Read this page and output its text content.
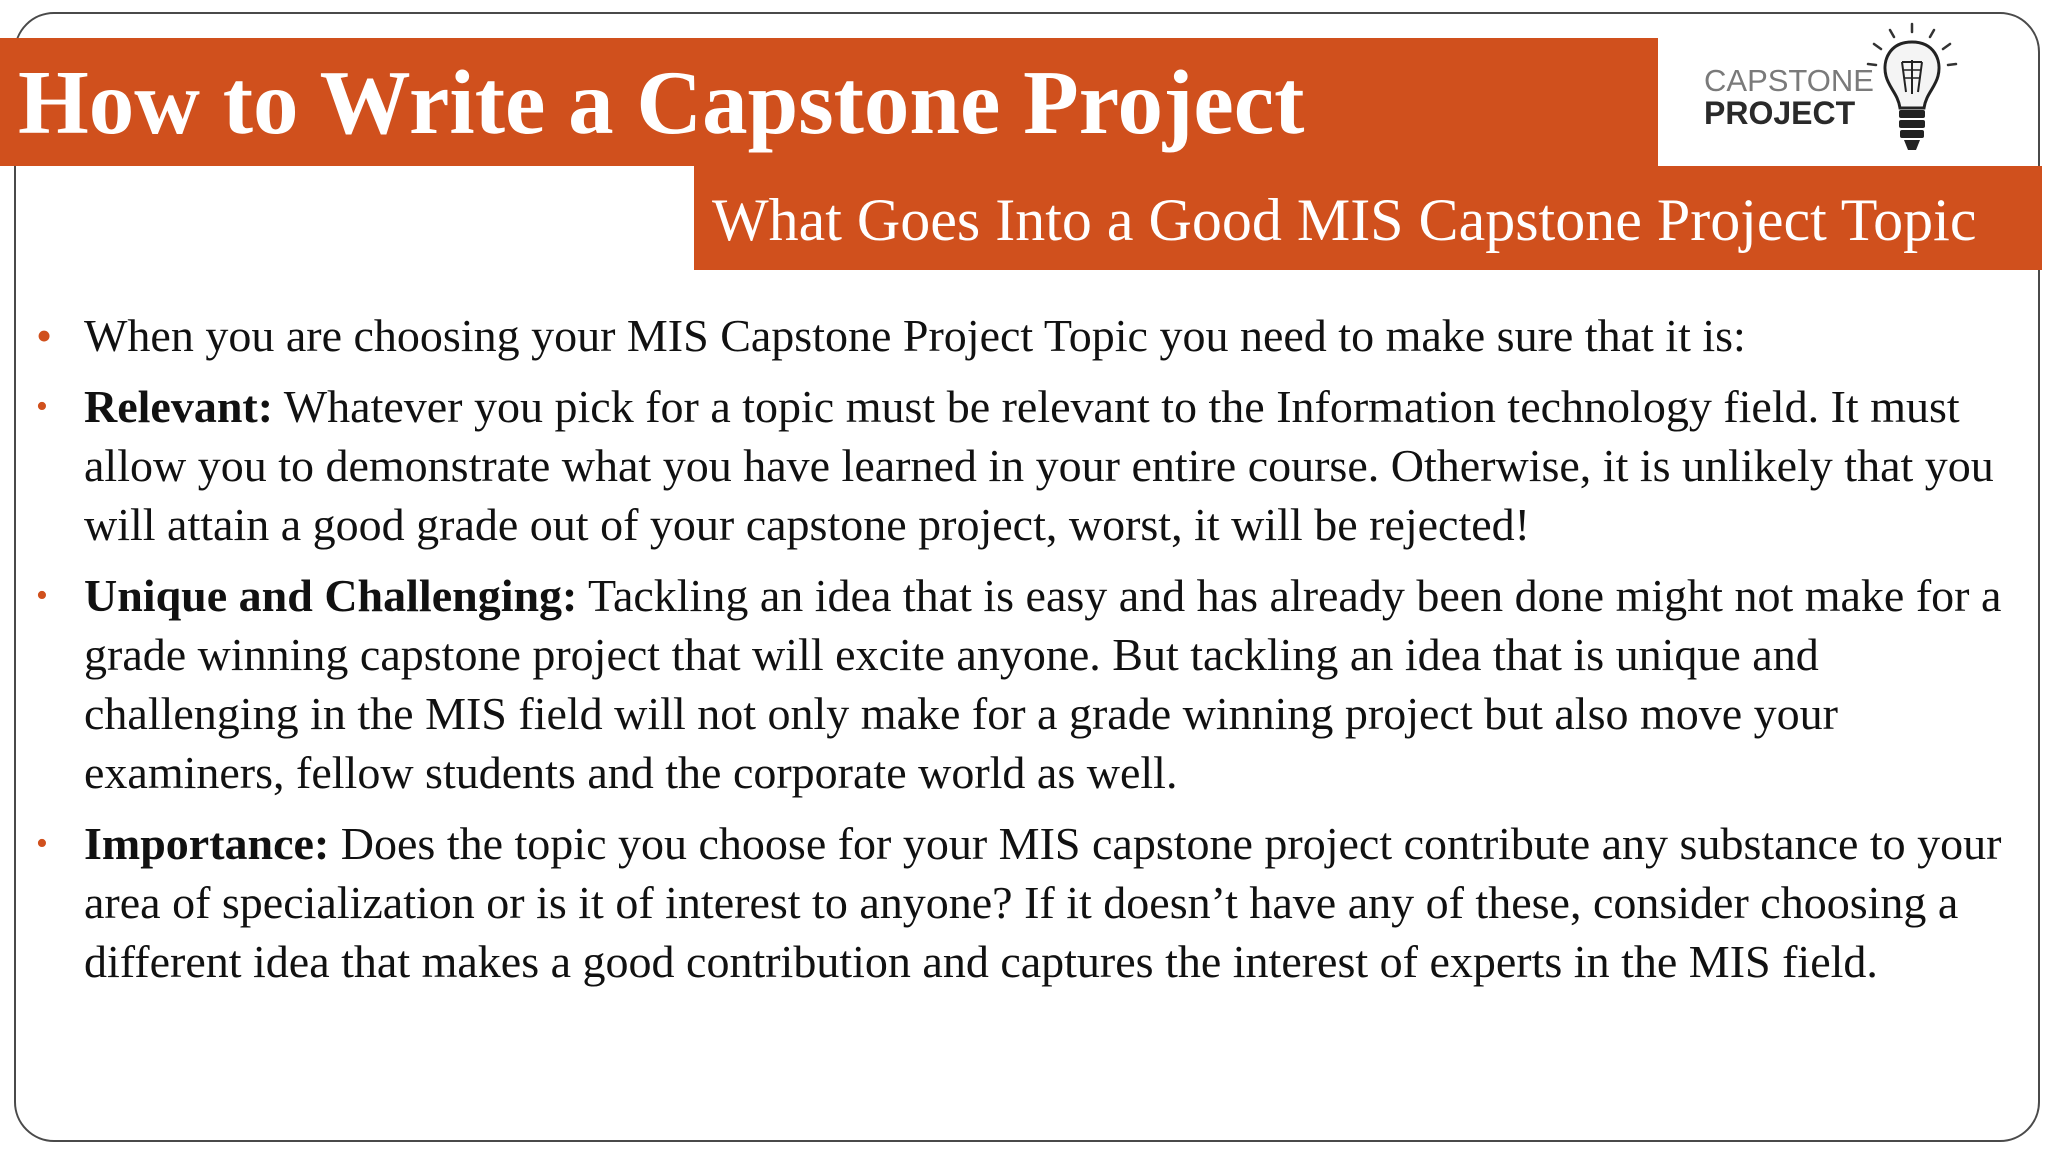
How to Write a Capstone Project
What Goes Into a Good MIS Capstone Project Topic
CAPSTONE
PROJECT
• When you are choosing your MIS Capstone Project Topic you need to make sure that it is:
• Relevant: Whatever you pick for a topic must be relevant to the Information technology field. It must allow you to demonstrate what you have learned in your entire course. Otherwise, it is unlikely that you will attain a good grade out of your capstone project, worst, it will be rejected!
• Unique and Challenging: Tackling an idea that is easy and has already been done might not make for a grade winning capstone project that will excite anyone. But tackling an idea that is unique and challenging in the MIS field will not only make for a grade winning project but also move your examiners, fellow students and the corporate world as well.
• Importance: Does the topic you choose for your MIS capstone project contribute any substance to your area of specialization or is it of interest to anyone? If it doesn’t have any of these, consider choosing a different idea that makes a good contribution and captures the interest of experts in the MIS field.
